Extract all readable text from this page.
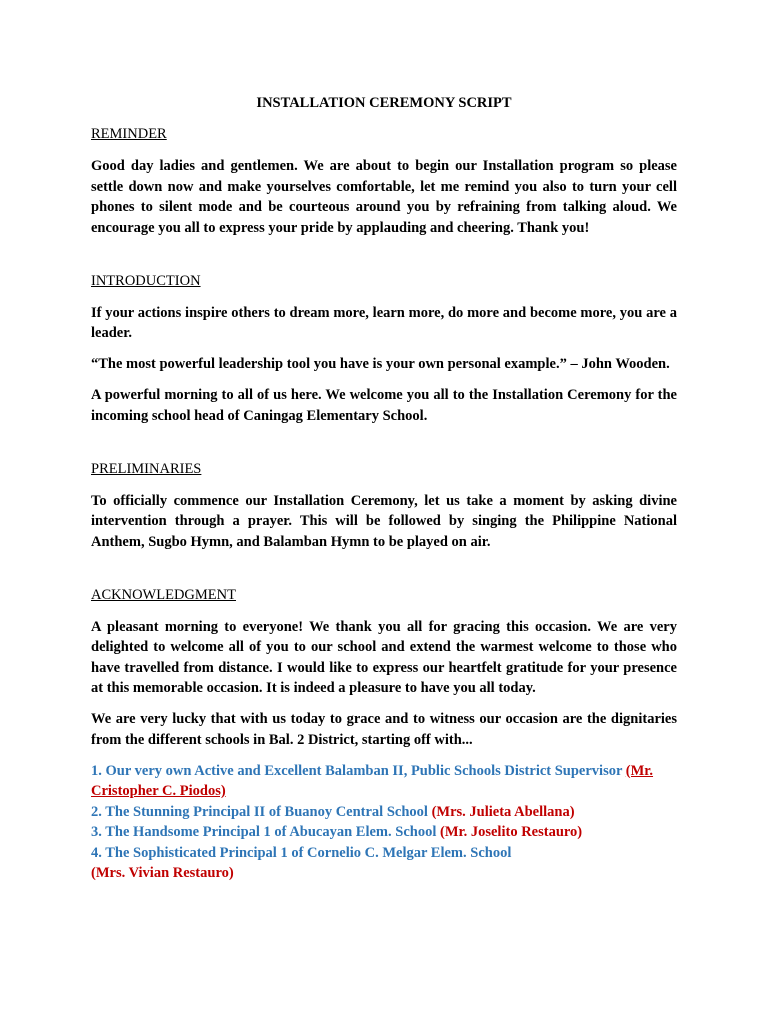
INSTALLATION CEREMONY SCRIPT
REMINDER

Good day ladies and gentlemen. We are about to begin our Installation program so please settle down now and make yourselves comfortable, let me remind you also to turn your cell phones to silent mode and be courteous around you by refraining from talking aloud. We encourage you all to express your pride by applauding and cheering. Thank you!

INTRODUCTION

If your actions inspire others to dream more, learn more, do more and become more, you are a leader.

“The most powerful leadership tool you have is your own personal example.” – John Wooden.

A powerful morning to all of us here. We welcome you all to the Installation Ceremony for the incoming school head of Caningag Elementary School.

PRELIMINARIES

To officially commence our Installation Ceremony, let us take a moment by asking divine intervention through a prayer. This will be followed by singing the Philippine National Anthem, Sugbo Hymn, and Balamban Hymn to be played on air.

ACKNOWLEDGMENT

A pleasant morning to everyone! We thank you all for gracing this occasion. We are very delighted to welcome all of you to our school and extend the warmest welcome to those who have travelled from distance. I would like to express our heartfelt gratitude for your presence at this memorable occasion. It is indeed a pleasure to have you all today.

We are very lucky that with us today to grace and to witness our occasion are the dignitaries from the different schools in Bal. 2 District, starting off with...

1. Our very own Active and Excellent Balamban II, Public Schools District Supervisor (Mr. Cristopher C. Piodos)
2. The Stunning Principal II of Buanoy Central School (Mrs. Julieta Abellana)
3. The Handsome Principal 1 of Abucayan Elem. School (Mr. Joselito Restauro)
4. The Sophisticated Principal 1 of Cornelio C. Melgar Elem. School
(Mrs. Vivian Restauro)
